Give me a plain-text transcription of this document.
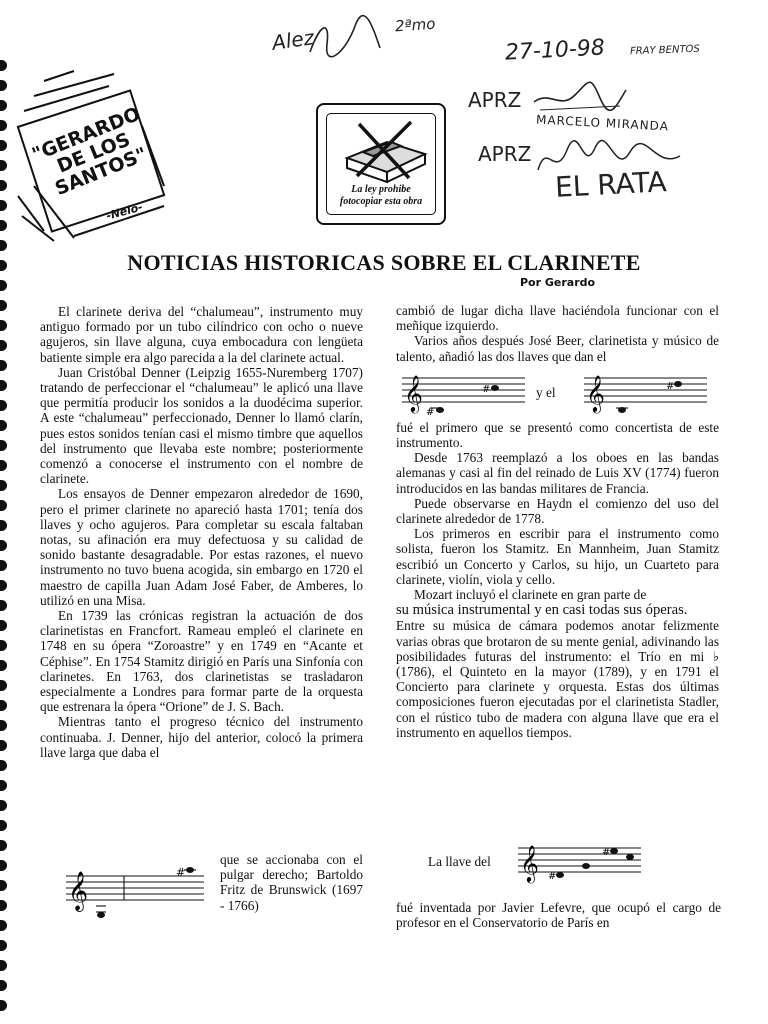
Alez
2ªmo
27-10-98 FRAY BENTOS
APRZ
MARCELO MIRANDA
APRZ
EL RATA
"GERARDO DE LOS SANTOS"
-Nelo-
La ley prohibe fotocopiar esta obra
NOTICIAS HISTORICAS SOBRE EL CLARINETE
Por Gerardo

El clarinete deriva del “chalumeau”, instrumento muy antiguo formado por un tubo cilíndrico con ocho o nueve agujeros, sin llave alguna, cuya embocadura con lengüeta batiente simple era algo parecida a la del clarinete actual.

Juan Cristóbal Denner (Leipzig 1655-Nuremberg 1707) tratando de perfeccionar el “chalumeau” le aplicó una llave que permitía producir los sonidos a la duodécima superior. A este “chalumeau” perfeccionado, Denner lo llamó clarín, pues estos sonidos tenían casi el mismo timbre que aquellos del instrumento que llevaba este nombre; posteriormente comenzó a conocerse el instrumento con el nombre de clarinete.

Los ensayos de Denner empezaron alrededor de 1690, pero el primer clarinete no apareció hasta 1701; tenía dos llaves y ocho agujeros. Para completar su escala faltaban notas, su afinación era muy defectuosa y su calidad de sonido bastante desagradable. Por estas razones, el nuevo instrumento no tuvo buena acogida, sin embargo en 1720 el maestro de capilla Juan Adam José Faber, de Amberes, lo utilizó en una Misa.

En 1739 las crónicas registran la actuación de dos clarinetistas en Francfort. Rameau empleó el clarinete en 1748 en su ópera “Zoroastre” y en 1749 en “Acante et Céphise”. En 1754 Stamitz dirigió en París una Sinfonía con clarinetes. En 1763, dos clarinetistas se trasladaron especialmente a Londres para formar parte de la orquesta que estrenara la ópera “Orione” de J. S. Bach.

Mientras tanto el progreso técnico del instrumento continuaba. J. Denner, hijo del anterior, colocó la primera llave larga que daba el

𝄞	#
que se accionaba con el pulgar derecho; Bartoldo Fritz de Brunswick (1697 - 1766)

cambió de lugar dicha llave haciéndola funcionar con el meñique izquierdo.

Varios años después José Beer, clarinetista y músico de talento, añadió las dos llaves que dan el

𝄞
#
#	y el 𝄞	#

fué el primero que se presentó como concertista de este instrumento.

Desde 1763 reemplazó a los oboes en las bandas alemanas y casi al fin del reinado de Luis XV (1774) fueron introducidos en las bandas militares de Francia.

Puede observarse en Haydn el comienzo del uso del clarinete alrededor de 1778.

Los primeros en escribir para el instrumento como solista, fueron los Stamitz. En Mannheim, Juan Stamitz escribió un Concerto y Carlos, su hijo, un Cuarteto para clarinete, violín, viola y cello.

Mozart incluyó el clarinete en gran parte de

su música instrumental y en casi todas sus óperas.

Entre su música de cámara podemos anotar felizmente varias obras que brotaron de su mente genial, adivinando las posibilidades futuras del instrumento: el Trío en mi ♭ (1786), el Quinteto en la mayor (1789), y en 1791 el Concierto para clarinete y orquesta. Estas dos últimas composiciones fueron ejecutadas por el clarinetista Stadler, con el rústico tubo de madera con alguna llave que era el instrumento en aquellos tiempos.

La llave del 𝄞 #
#

fué inventada por Javier Lefevre, que ocupó el cargo de profesor en el Conservatorio de París en
